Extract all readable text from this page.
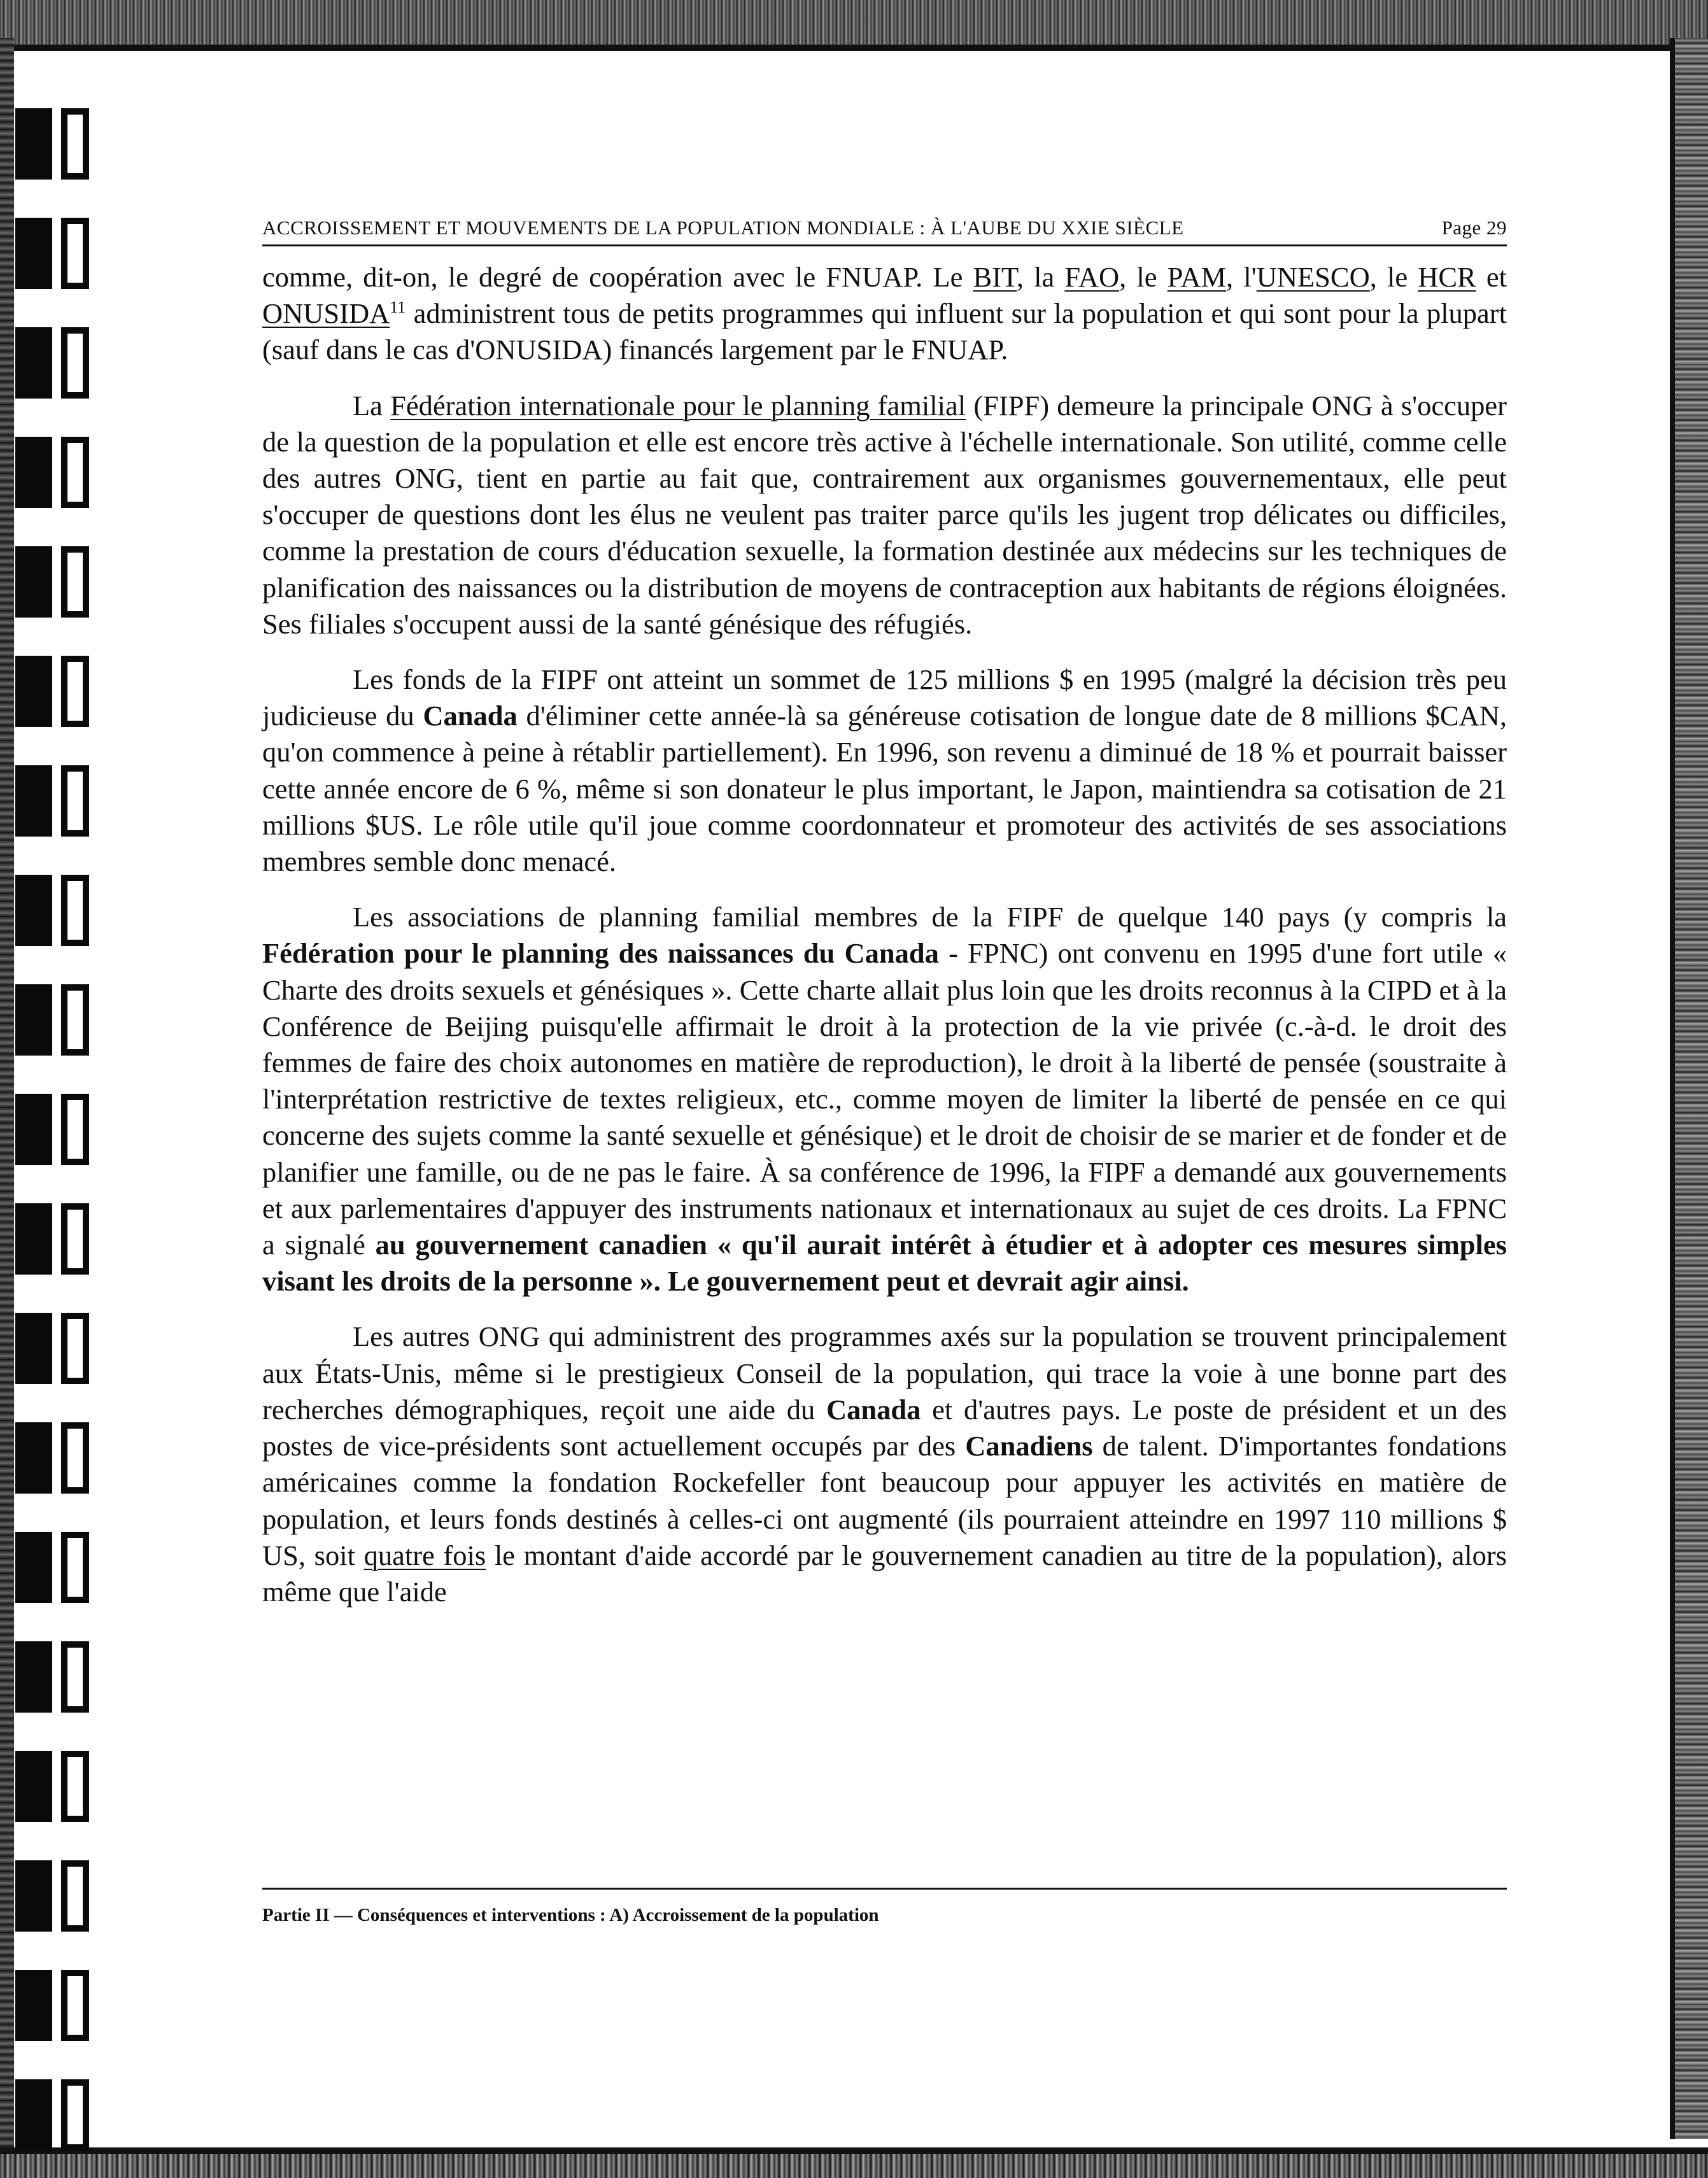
ACCROISSEMENT ET MOUVEMENTS DE LA POPULATION MONDIALE : À L'AUBE DU XXIE SIÈCLE	Page 29

comme, dit-on, le degré de coopération avec le FNUAP. Le BIT, la FAO, le PAM, l'UNESCO, le HCR et ONUSIDA$^{11}$ administrent tous de petits programmes qui influent sur la population et qui sont pour la plupart (sauf dans le cas d'ONUSIDA) financés largement par le FNUAP.

La Fédération internationale pour le planning familial (FIPF) demeure la principale ONG à s'occuper de la question de la population et elle est encore très active à l'échelle internationale. Son utilité, comme celle des autres ONG, tient en partie au fait que, contrairement aux organismes gouvernementaux, elle peut s'occuper de questions dont les élus ne veulent pas traiter parce qu'ils les jugent trop délicates ou difficiles, comme la prestation de cours d'éducation sexuelle, la formation destinée aux médecins sur les techniques de planification des naissances ou la distribution de moyens de contraception aux habitants de régions éloignées. Ses filiales s'occupent aussi de la santé génésique des réfugiés.

Les fonds de la FIPF ont atteint un sommet de 125 millions $ en 1995 (malgré la décision très peu judicieuse du Canada d'éliminer cette année-là sa généreuse cotisation de longue date de 8 millions $CAN, qu'on commence à peine à rétablir partiellement). En 1996, son revenu a diminué de 18 % et pourrait baisser cette année encore de 6 %, même si son donateur le plus important, le Japon, maintiendra sa cotisation de 21 millions $US. Le rôle utile qu'il joue comme coordonnateur et promoteur des activités de ses associations membres semble donc menacé.

Les associations de planning familial membres de la FIPF de quelque 140 pays (y compris la Fédération pour le planning des naissances du Canada - FPNC) ont convenu en 1995 d'une fort utile « Charte des droits sexuels et génésiques ». Cette charte allait plus loin que les droits reconnus à la CIPD et à la Conférence de Beijing puisqu'elle affirmait le droit à la protection de la vie privée (c.-à-d. le droit des femmes de faire des choix autonomes en matière de reproduction), le droit à la liberté de pensée (soustraite à l'interprétation restrictive de textes religieux, etc., comme moyen de limiter la liberté de pensée en ce qui concerne des sujets comme la santé sexuelle et génésique) et le droit de choisir de se marier et de fonder et de planifier une famille, ou de ne pas le faire. À sa conférence de 1996, la FIPF a demandé aux gouvernements et aux parlementaires d'appuyer des instruments nationaux et internationaux au sujet de ces droits. La FPNC a signalé au gouvernement canadien « qu'il aurait intérêt à étudier et à adopter ces mesures simples visant les droits de la personne ». Le gouvernement peut et devrait agir ainsi.

Les autres ONG qui administrent des programmes axés sur la population se trouvent principalement aux États-Unis, même si le prestigieux Conseil de la population, qui trace la voie à une bonne part des recherches démographiques, reçoit une aide du Canada et d'autres pays. Le poste de président et un des postes de vice-présidents sont actuellement occupés par des Canadiens de talent. D'importantes fondations américaines comme la fondation Rockefeller font beaucoup pour appuyer les activités en matière de population, et leurs fonds destinés à celles-ci ont augmenté (ils pourraient atteindre en 1997 110 millions $ US, soit quatre fois le montant d'aide accordé par le gouvernement canadien au titre de la population), alors même que l'aide

Partie II — Conséquences et interventions : A) Accroissement de la population
